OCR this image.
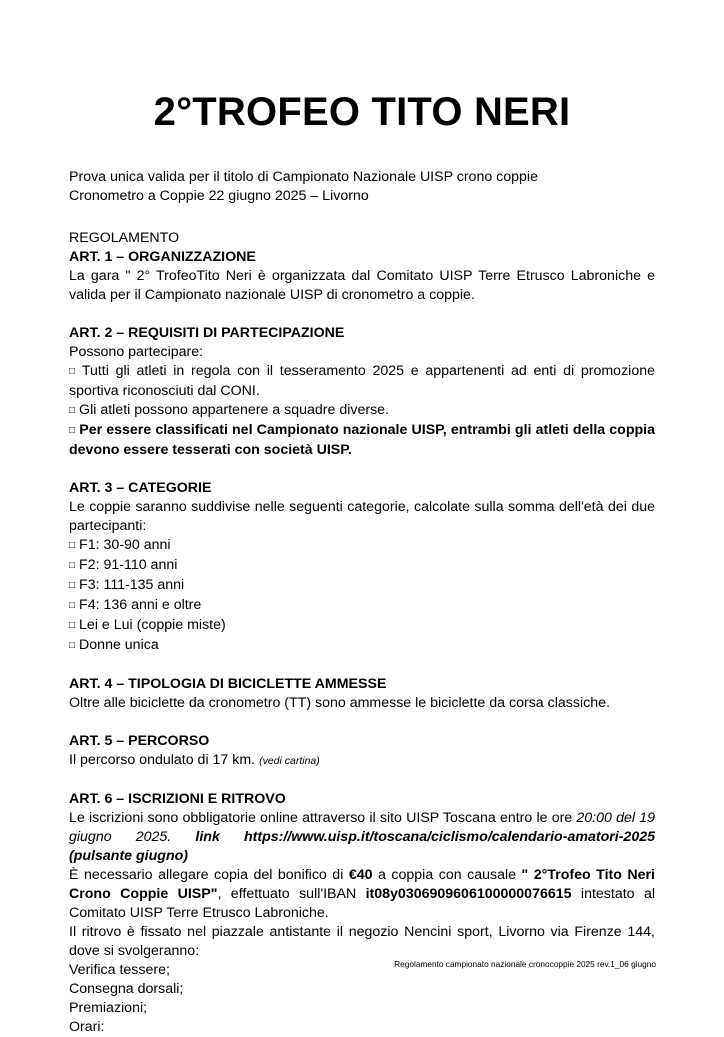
2°TROFEO TITO NERI

Prova unica valida per il titolo di Campionato Nazionale UISP crono coppie

Cronometro a Coppie 22 giugno 2025 – Livorno

REGOLAMENTO

ART. 1 – ORGANIZZAZIONE

La gara " 2° TrofeoTito Neri è organizzata dal Comitato UISP Terre Etrusco Labroniche e valida per il Campionato nazionale UISP di cronometro a coppie.

ART. 2 – REQUISITI DI PARTECIPAZIONE

Possono partecipare:

□ Tutti gli atleti in regola con il tesseramento 2025 e appartenenti ad enti di promozione sportiva riconosciuti dal CONI.

□ Gli atleti possono appartenere a squadre diverse.

□ Per essere classificati nel Campionato nazionale UISP, entrambi gli atleti della coppia devono essere tesserati con società UISP.

ART. 3 – CATEGORIE

Le coppie saranno suddivise nelle seguenti categorie, calcolate sulla somma dell'età dei due partecipanti:

□ F1: 30-90 anni

□ F2: 91-110 anni

□ F3: 111-135 anni

□ F4: 136 anni e oltre

□ Lei e Lui (coppie miste)

□ Donne unica

ART. 4 – TIPOLOGIA DI BICICLETTE AMMESSE

Oltre alle biciclette da cronometro (TT) sono ammesse le biciclette da corsa classiche.

ART. 5 – PERCORSO

Il percorso ondulato di 17 km. (vedi cartina)

ART. 6 – ISCRIZIONI E RITROVO

Le iscrizioni sono obbligatorie online attraverso il sito UISP Toscana entro le ore 20:00 del 19 giugno 2025. link https://www.uisp.it/toscana/ciclismo/calendario-amatori-2025 (pulsante giugno)

È necessario allegare copia del bonifico di €40 a coppia con causale " 2°Trofeo Tito Neri Crono Coppie UISP", effettuato sull'IBAN it08y0306909606100000076615 intestato al Comitato UISP Terre Etrusco Labroniche.

Il ritrovo è fissato nel piazzale antistante il negozio Nencini sport, Livorno via Firenze 144, dove si svolgeranno:

Verifica tessere;

Consegna dorsali;

Premiazioni;

Orari:

Regolamento campionato nazionale cronocoppie 2025 rev.1_06 giugno
